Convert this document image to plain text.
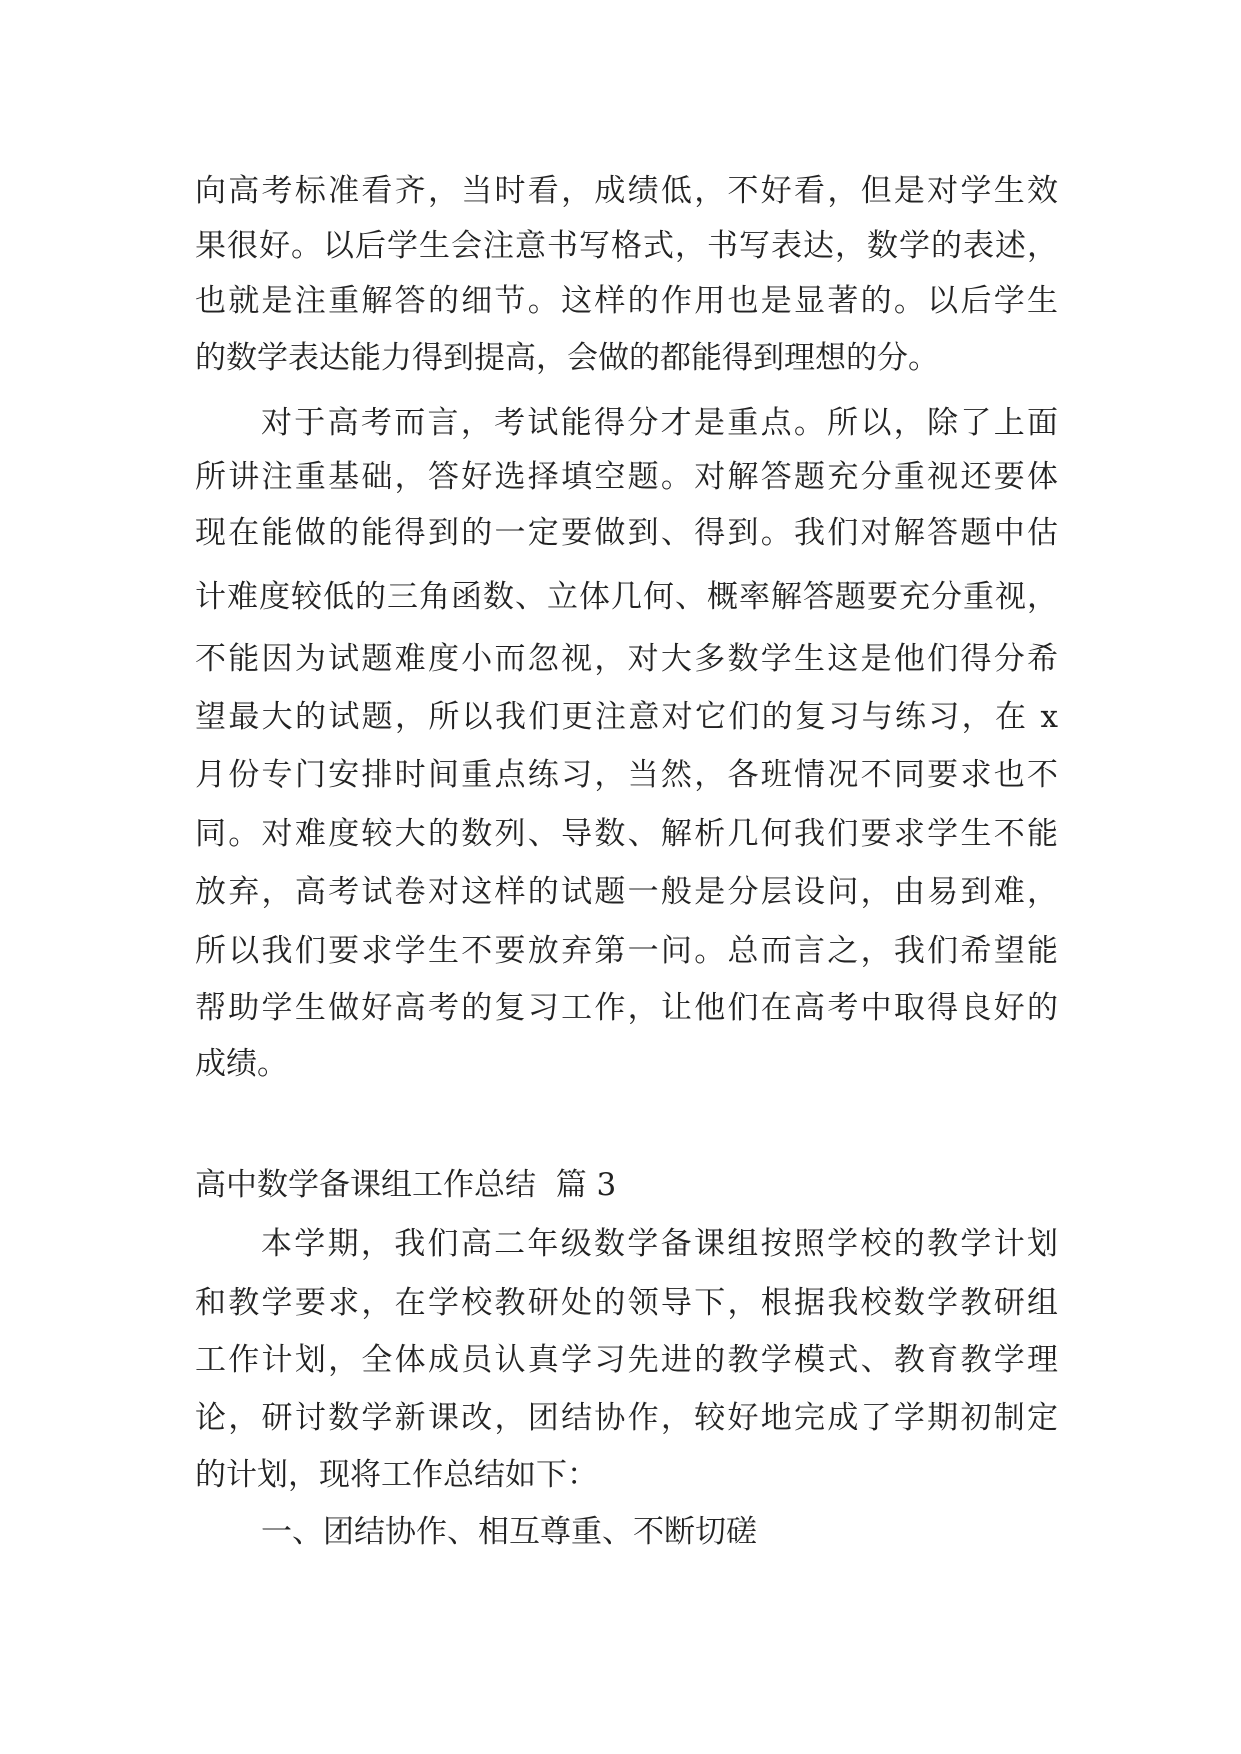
向高考标准看齐，当时看，成绩低，不好看，但是对学生效
果很好。以后学生会注意书写格式，书写表达，数学的表述，
也就是注重解答的细节。这样的作用也是显著的。以后学生
的数学表达能力得到提高，会做的都能得到理想的分。
对于高考而言，考试能得分才是重点。所以，除了上面
所讲注重基础，答好选择填空题。对解答题充分重视还要体
现在能做的能得到的一定要做到、得到。我们对解答题中估
计难度较低的三角函数、立体几何、概率解答题要充分重视，
不能因为试题难度小而忽视，对大多数学生这是他们得分希
望最大的试题，所以我们更注意对它们的复习与练习，在 x
月份专门安排时间重点练习，当然，各班情况不同要求也不
同。对难度较大的数列、导数、解析几何我们要求学生不能
放弃，高考试卷对这样的试题一般是分层设问，由易到难，
所以我们要求学生不要放弃第一问。总而言之，我们希望能
帮助学生做好高考的复习工作，让他们在高考中取得良好的
成绩。
高中数学备课组工作总结  篇 3
本学期，我们高二年级数学备课组按照学校的教学计划
和教学要求，在学校教研处的领导下，根据我校数学教研组
工作计划，全体成员认真学习先进的教学模式、教育教学理
论，研讨数学新课改，团结协作，较好地完成了学期初制定
的计划，现将工作总结如下：
一、团结协作、相互尊重、不断切磋
